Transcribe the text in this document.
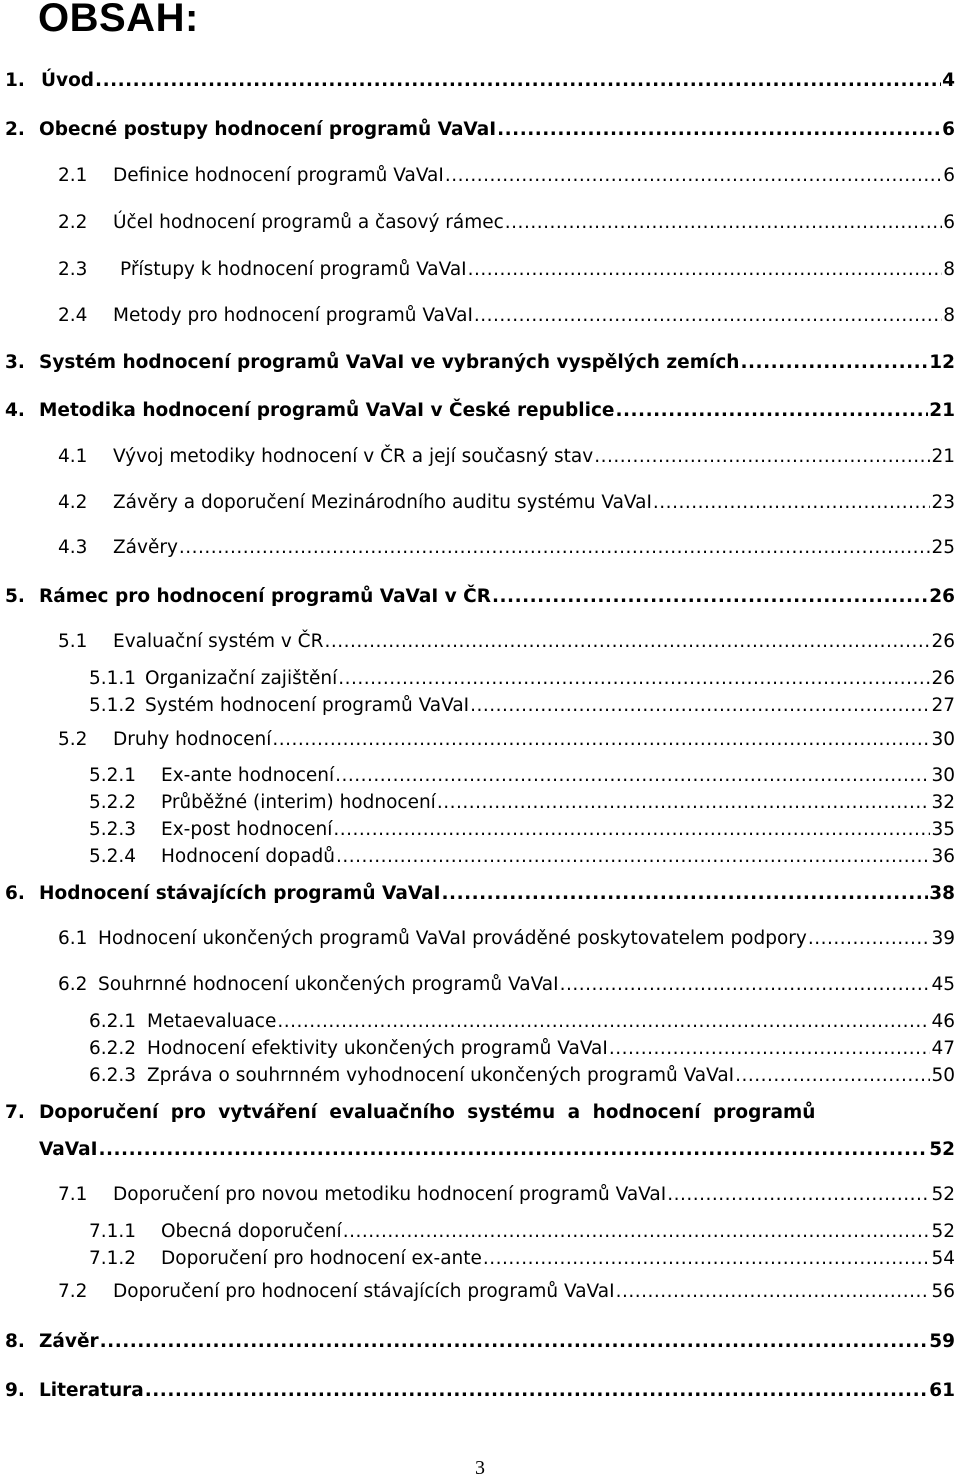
OBSAH:
1. Úvod .....	4
2. Obecné postupy hodnocení programů VaVaI .....	6
2.1	Definice hodnocení programů VaVaI .....	6
2.2	Účel hodnocení programů a časový rámec .....	6
2.3	Přístupy k hodnocení programů VaVaI .....	8
2.4	Metody pro hodnocení programů VaVaI .....	8
3. Systém hodnocení programů VaVaI ve vybraných vyspělých zemích .....	12
4. Metodika hodnocení programů VaVaI v České republice .....	21
4.1	Vývoj metodiky hodnocení v ČR a její současný stav .....	21
4.2	Závěry a doporučení Mezinárodního auditu systému VaVaI .....	23
4.3	Závěry .....	25
5. Rámec pro hodnocení programů VaVaI v ČR .....	26
5.1	Evaluační systém v ČR .....	26
5.1.1 Organizační zajištění .....	26
5.1.2 Systém hodnocení programů VaVaI .....	27
5.2	Druhy hodnocení .....	30
5.2.1	Ex-ante hodnocení .....	30
5.2.2	Průběžné (interim) hodnocení .....	32
5.2.3	Ex-post hodnocení .....	35
5.2.4	Hodnocení dopadů .....	36
6. Hodnocení stávajících programů VaVaI .....	38
6.1 Hodnocení ukončených programů VaVaI prováděné poskytovatelem podpory .....	39
6.2 Souhrnné hodnocení ukončených programů VaVaI .....	45
6.2.1 Metaevaluace .....	46
6.2.2 Hodnocení efektivity ukončených programů VaVaI .....	47
6.2.3 Zpráva o souhrnném vyhodnocení ukončených programů VaVaI .....	50
7. Doporučení pro vytváření evaluačního systému a hodnocení programů
VaVaI .....	52
7.1	Doporučení pro novou metodiku hodnocení programů VaVaI .....	52
7.1.1	Obecná doporučení .....	52
7.1.2	Doporučení pro hodnocení ex-ante .....	54
7.2	Doporučení pro hodnocení stávajících programů VaVaI .....	56
8. Závěr .....	59
9. Literatura .....	61
3
